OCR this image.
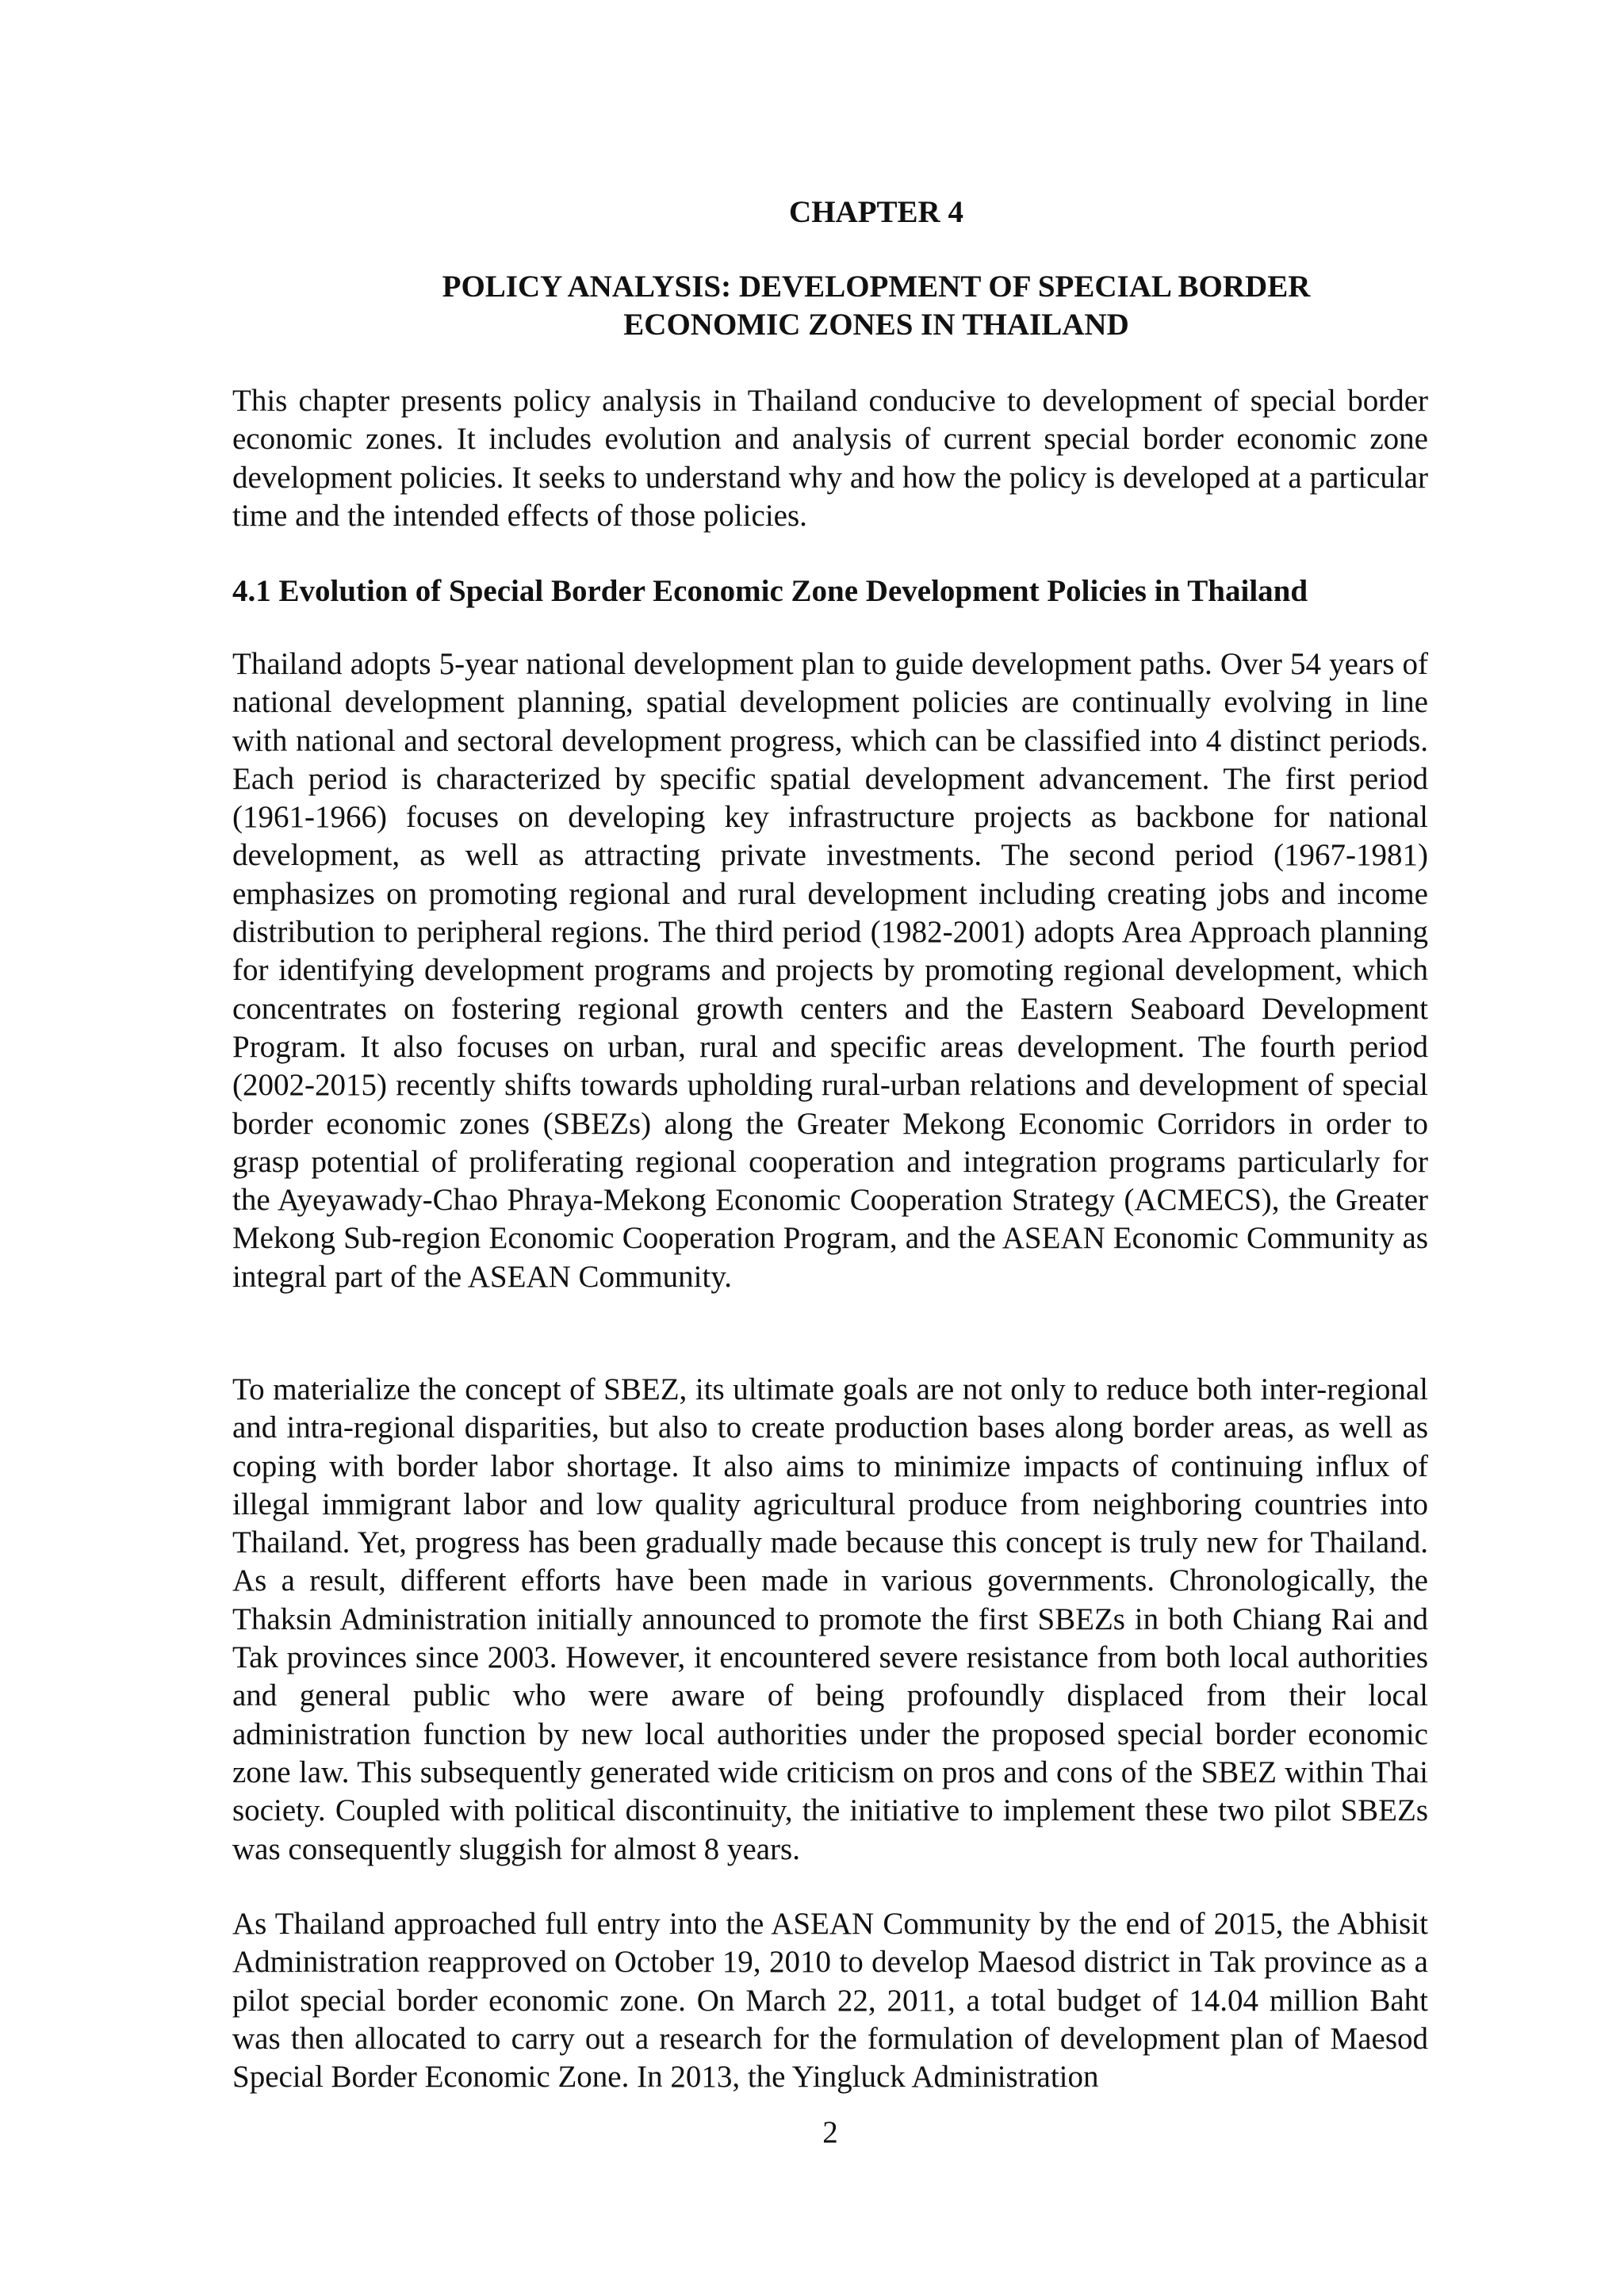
CHAPTER 4
POLICY ANALYSIS: DEVELOPMENT OF SPECIAL BORDER
ECONOMIC ZONES IN THAILAND

This chapter presents policy analysis in Thailand conducive to development of special border economic zones. It includes evolution and analysis of current special border economic zone development policies. It seeks to understand why and how the policy is developed at a particular time and the intended effects of those policies.

4.1 Evolution of Special Border Economic Zone Development Policies in Thailand

Thailand adopts 5-year national development plan to guide development paths. Over 54 years of national development planning, spatial development policies are continually evolving in line with national and sectoral development progress, which can be classified into 4 distinct periods. Each period is characterized by specific spatial development advancement. The first period (1961-1966) focuses on developing key infrastructure projects as backbone for national development, as well as attracting private investments. The second period (1967-1981) emphasizes on promoting regional and rural development including creating jobs and income distribution to peripheral regions. The third period (1982-2001) adopts Area Approach planning for identifying development programs and projects by promoting regional development, which concentrates on fostering regional growth centers and the Eastern Seaboard Development Program. It also focuses on urban, rural and specific areas development. The fourth period (2002-2015) recently shifts towards upholding rural-urban relations and development of special border economic zones (SBEZs) along the Greater Mekong Economic Corridors in order to grasp potential of proliferating regional cooperation and integration programs particularly for the Ayeyawady-Chao Phraya-Mekong Economic Cooperation Strategy (ACMECS), the Greater Mekong Sub-region Economic Cooperation Program, and the ASEAN Economic Community as integral part of the ASEAN Community.

To materialize the concept of SBEZ, its ultimate goals are not only to reduce both inter-regional and intra-regional disparities, but also to create production bases along border areas, as well as coping with border labor shortage. It also aims to minimize impacts of continuing influx of illegal immigrant labor and low quality agricultural produce from neighboring countries into Thailand. Yet, progress has been gradually made because this concept is truly new for Thailand. As a result, different efforts have been made in various governments. Chronologically, the Thaksin Administration initially announced to promote the first SBEZs in both Chiang Rai and Tak provinces since 2003. However, it encountered severe resistance from both local authorities and general public who were aware of being profoundly displaced from their local administration function by new local authorities under the proposed special border economic zone law. This subsequently generated wide criticism on pros and cons of the SBEZ within Thai society. Coupled with political discontinuity, the initiative to implement these two pilot SBEZs was consequently sluggish for almost 8 years.

As Thailand approached full entry into the ASEAN Community by the end of 2015, the Abhisit Administration reapproved on October 19, 2010 to develop Maesod district in Tak province as a pilot special border economic zone. On March 22, 2011, a total budget of 14.04 million Baht was then allocated to carry out a research for the formulation of development plan of Maesod Special Border Economic Zone. In 2013, the Yingluck Administration

2
